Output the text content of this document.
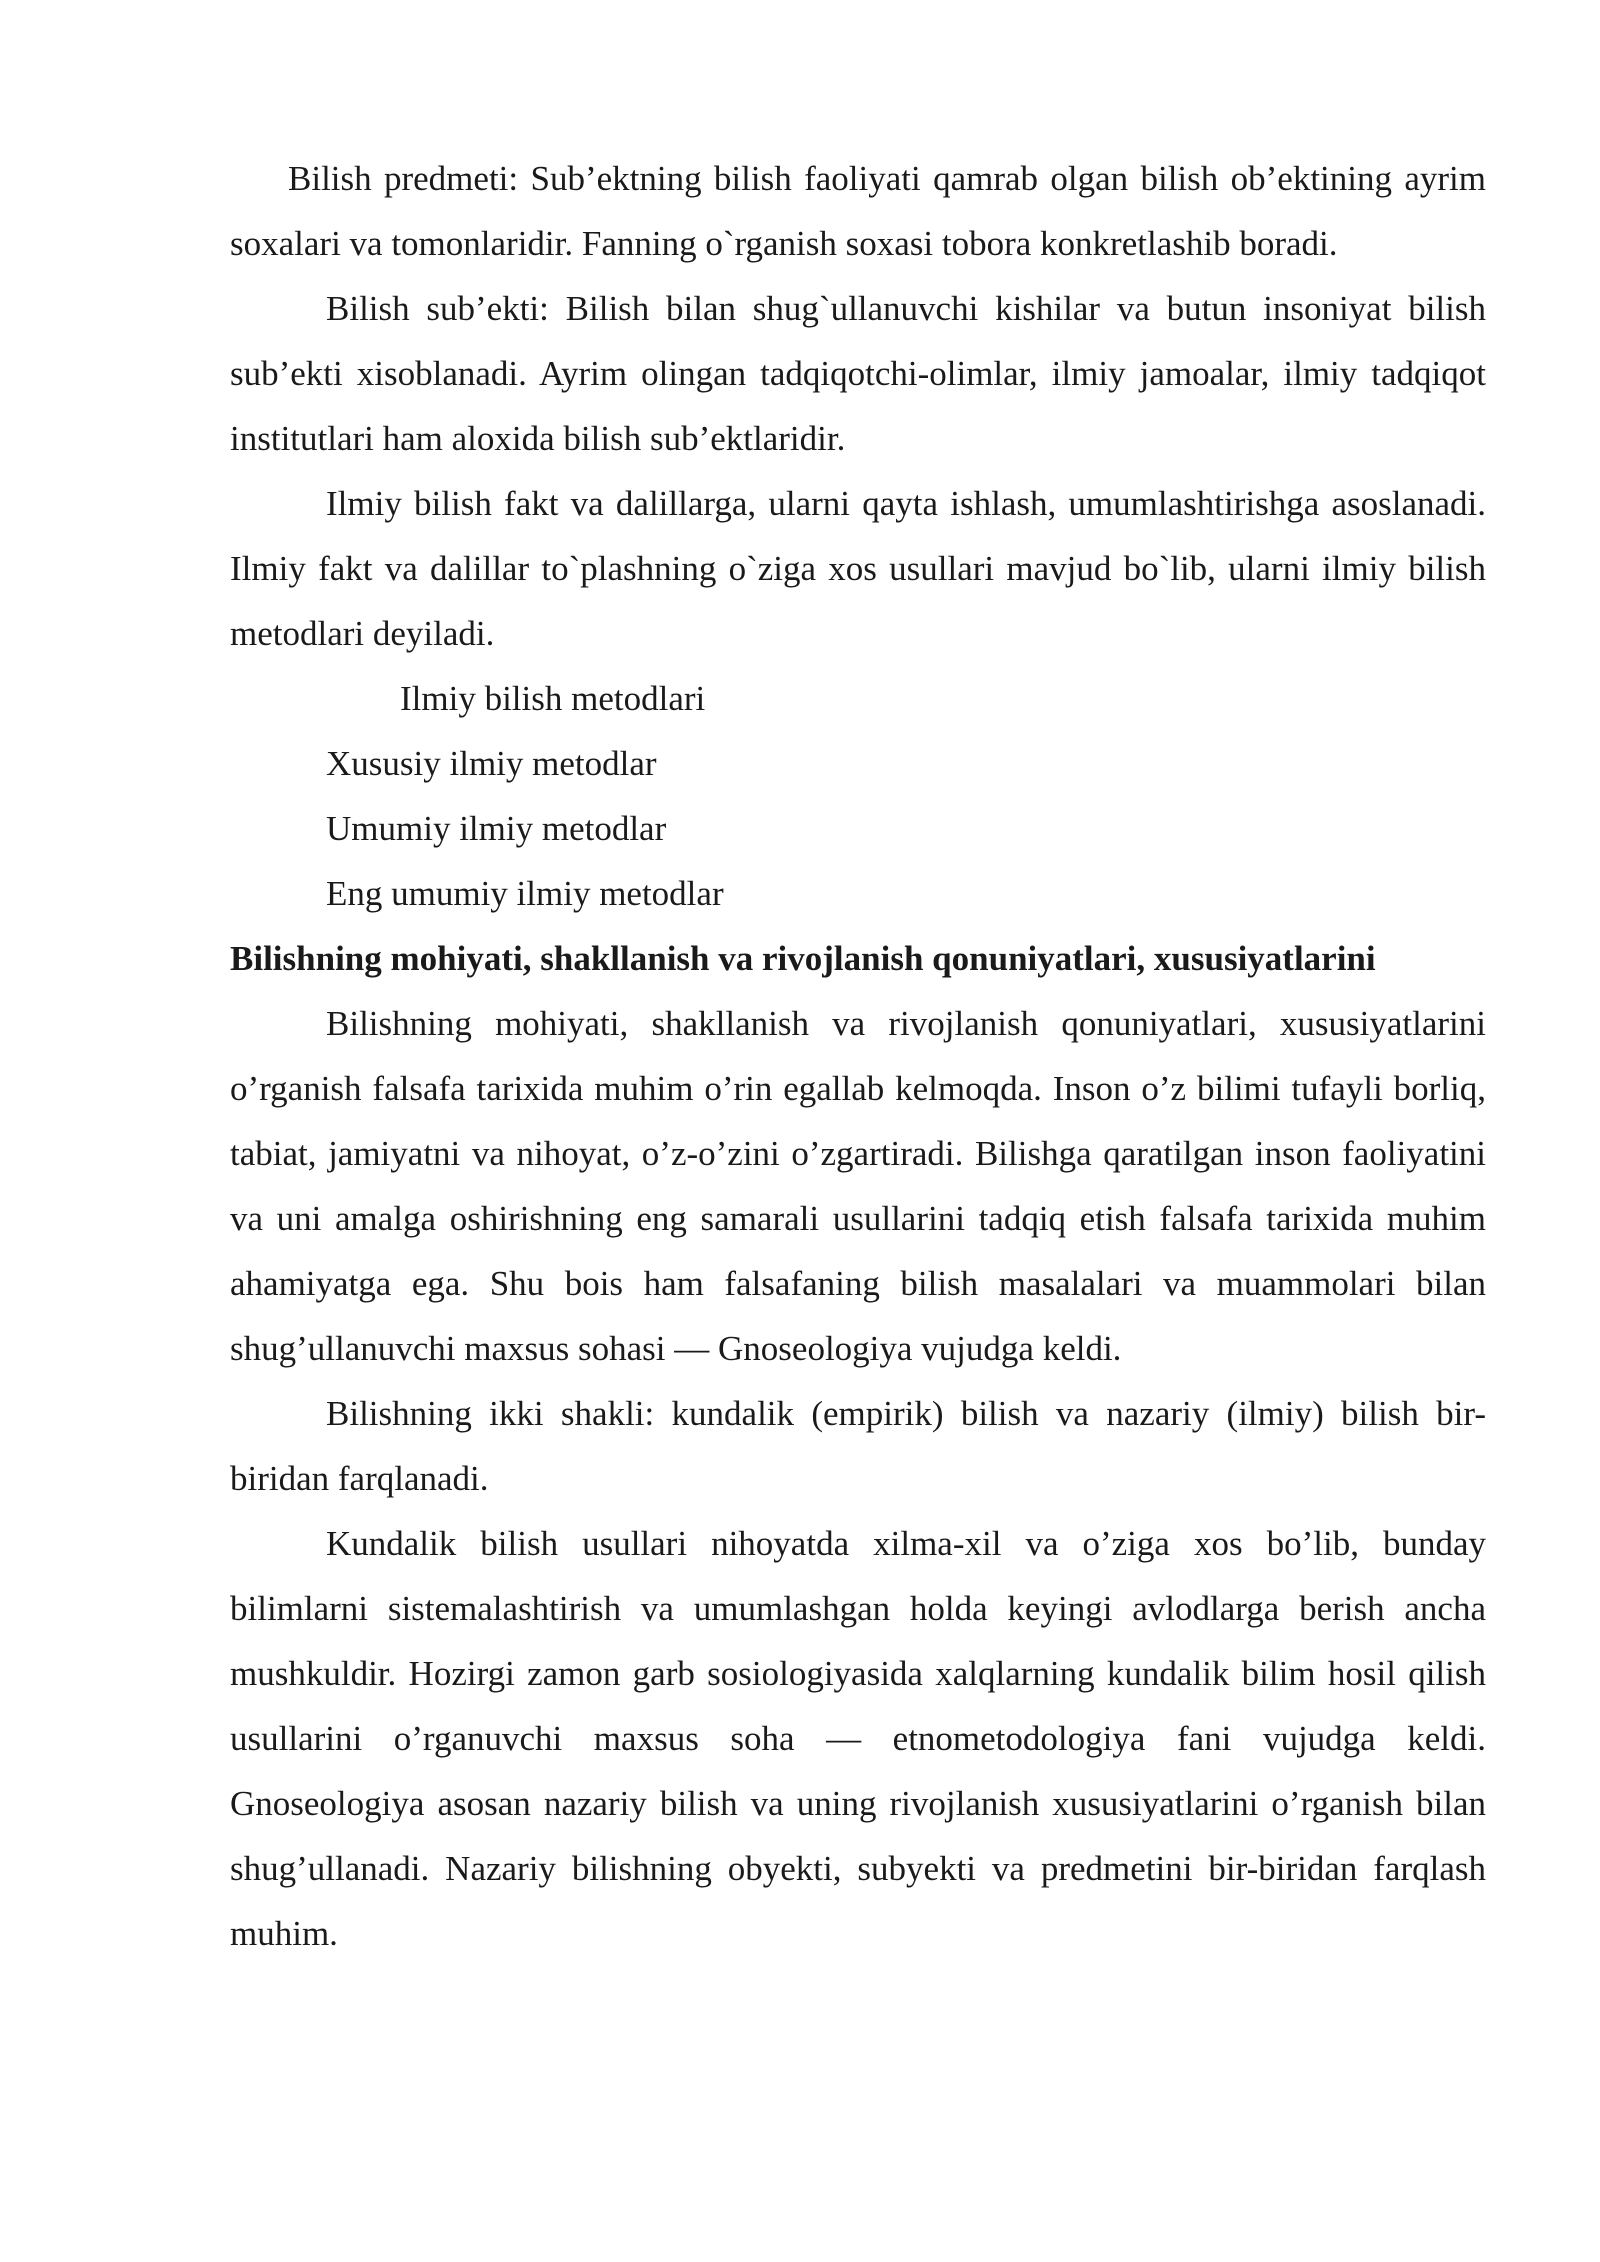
Bilish predmeti: Sub’ektning bilish faoliyati qamrab olgan bilish ob’ektining ayrim soxalari va tomonlaridir. Fanning o`rganish soxasi tobora konkretlashib boradi.

Bilish sub’ekti: Bilish bilan shug`ullanuvchi kishilar va butun insoniyat bilish sub’ekti xisoblanadi. Ayrim olingan tadqiqotchi-olimlar, ilmiy jamoalar, ilmiy tadqiqot institutlari ham aloxida bilish sub’ektlaridir.

Ilmiy bilish fakt va dalillarga, ularni qayta ishlash, umumlashtirishga asoslanadi. Ilmiy fakt va dalillar to`plashning o`ziga xos usullari mavjud bo`lib, ularni ilmiy bilish metodlari deyiladi.

Ilmiy bilish metodlari

Xususiy ilmiy metodlar

Umumiy ilmiy metodlar

Eng umumiy ilmiy metodlar

Bilishning mohiyati, shakllanish va rivojlanish qonuniyatlari, xususiyatlarini

Bilishning mohiyati, shakllanish va rivojlanish qonuniyatlari, xususiyatlarini o’rganish falsafa tarixida muhim o’rin egallab kelmoqda. Inson o’z bilimi tufayli borliq, tabiat, jamiyatni va nihoyat, o’z-o’zini o’zgartiradi. Bilishga qaratilgan inson faoliyatini va uni amalga oshirishning eng samarali usullarini tadqiq etish falsafa tarixida muhim ahamiyatga ega. Shu bois ham falsafaning bilish masalalari va muammolari bilan shug’ullanuvchi maxsus sohasi — Gnoseologiya vujudga keldi.

Bilishning ikki shakli: kundalik (empirik) bilish va nazariy (ilmiy) bilish bir-biridan farqlanadi.

Kundalik bilish usullari nihoyatda xilma-xil va o’ziga xos bo’lib, bunday bilimlarni sistemalashtirish va umumlashgan holda keyingi avlodlarga berish ancha mushkuldir. Hozirgi zamon garb sosiologiyasida xalqlarning kundalik bilim hosil qilish usullarini o’rganuvchi maxsus soha — etnometodologiya fani vujudga keldi. Gnoseologiya asosan nazariy bilish va uning rivojlanish xususiyatlarini o’rganish bilan shug’ullanadi. Nazariy bilishning obyekti, subyekti va predmetini bir-biridan farqlash muhim.
